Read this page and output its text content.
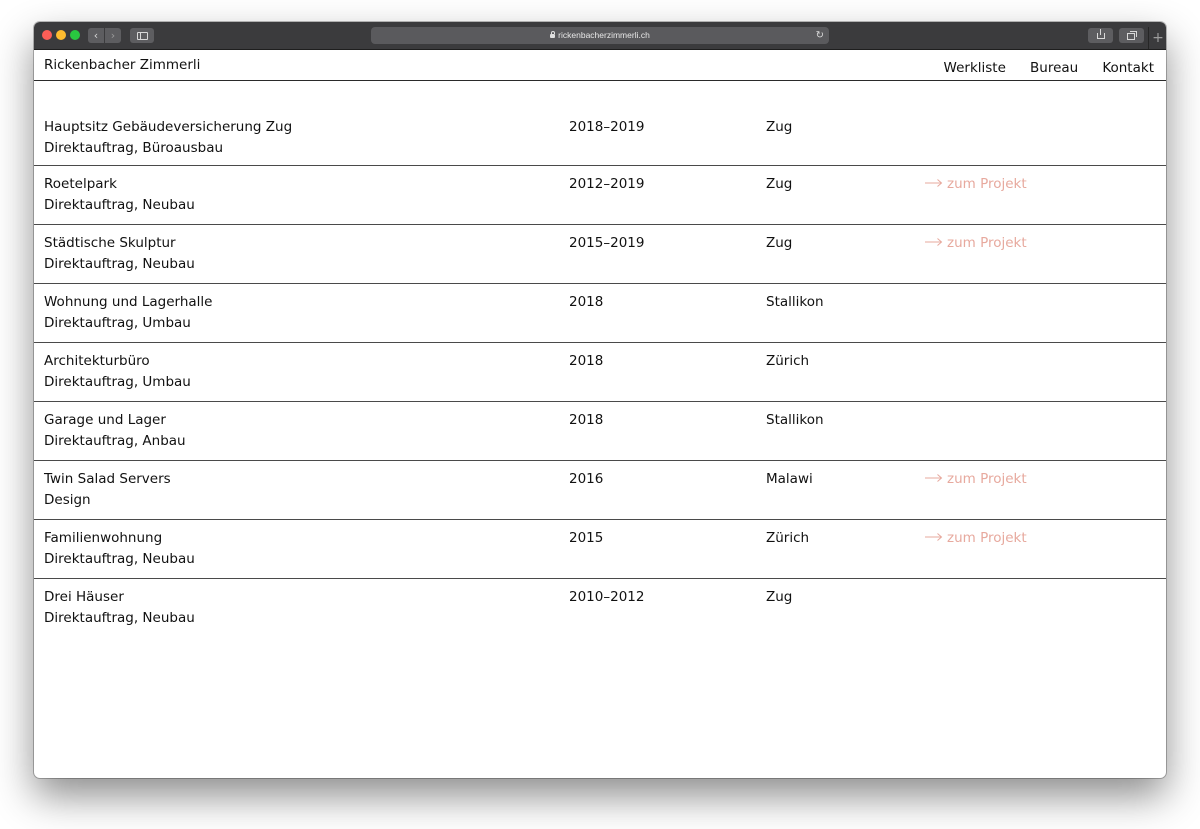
‹	›	rickenbacherzimmerli.ch	↻	+
Rickenbacher Zimmerli	Werkliste Bureau Kontakt
Hauptsitz Gebäudeversicherung Zug
Direktauftrag, Büroausbau
2018–2019	Zug
Roetelpark
Direktauftrag, Neubau
2012–2019	Zug	zum Projekt
Städtische Skulptur
Direktauftrag, Neubau
2015–2019	Zug	zum Projekt
Wohnung und Lagerhalle
Direktauftrag, Umbau
2018	Stallikon
Architekturbüro
Direktauftrag, Umbau
2018	Zürich
Garage und Lager
Direktauftrag, Anbau
2018	Stallikon
Twin Salad Servers
Design
2016	Malawi	zum Projekt
Familienwohnung
Direktauftrag, Neubau
2015	Zürich	zum Projekt
Drei Häuser
Direktauftrag, Neubau
2010–2012	Zug
